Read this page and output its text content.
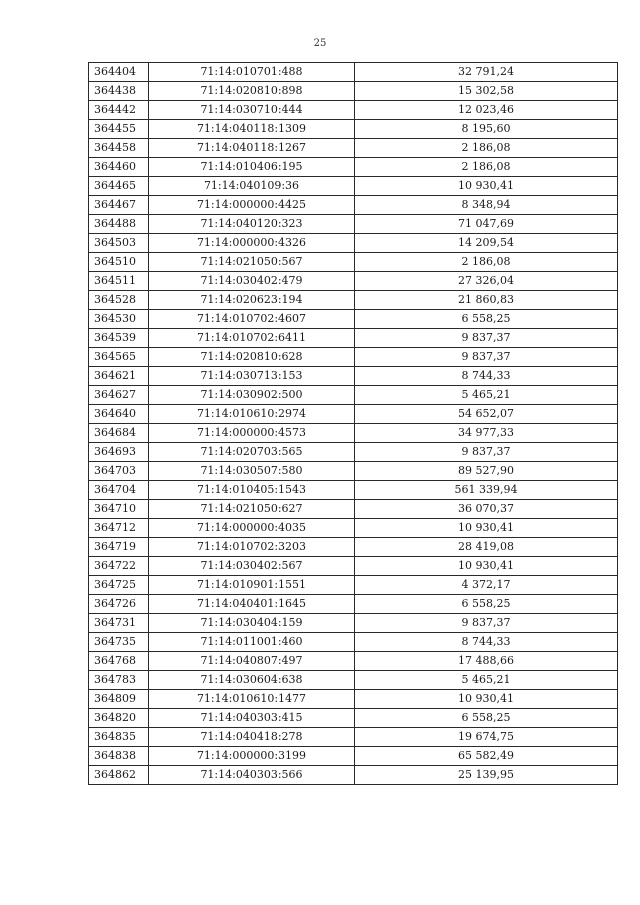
25
364404	71:14:010701:488	32 791,24
364438	71:14:020810:898	15 302,58
364442	71:14:030710:444	12 023,46
364455	71:14:040118:1309	8 195,60
364458	71:14:040118:1267	2 186,08
364460	71:14:010406:195	2 186,08
364465	71:14:040109:36	10 930,41
364467	71:14:000000:4425	8 348,94
364488	71:14:040120:323	71 047,69
364503	71:14:000000:4326	14 209,54
364510	71:14:021050:567	2 186,08
364511	71:14:030402:479	27 326,04
364528	71:14:020623:194	21 860,83
364530	71:14:010702:4607	6 558,25
364539	71:14:010702:6411	9 837,37
364565	71:14:020810:628	9 837,37
364621	71:14:030713:153	8 744,33
364627	71:14:030902:500	5 465,21
364640	71:14:010610:2974	54 652,07
364684	71:14:000000:4573	34 977,33
364693	71:14:020703:565	9 837,37
364703	71:14:030507:580	89 527,90
364704	71:14:010405:1543	561 339,94
364710	71:14:021050:627	36 070,37
364712	71:14:000000:4035	10 930,41
364719	71:14:010702:3203	28 419,08
364722	71:14:030402:567	10 930,41
364725	71:14:010901:1551	4 372,17
364726	71:14:040401:1645	6 558,25
364731	71:14:030404:159	9 837,37
364735	71:14:011001:460	8 744,33
364768	71:14:040807:497	17 488,66
364783	71:14:030604:638	5 465,21
364809	71:14:010610:1477	10 930,41
364820	71:14:040303:415	6 558,25
364835	71:14:040418:278	19 674,75
364838	71:14:000000:3199	65 582,49
364862	71:14:040303:566	25 139,95
